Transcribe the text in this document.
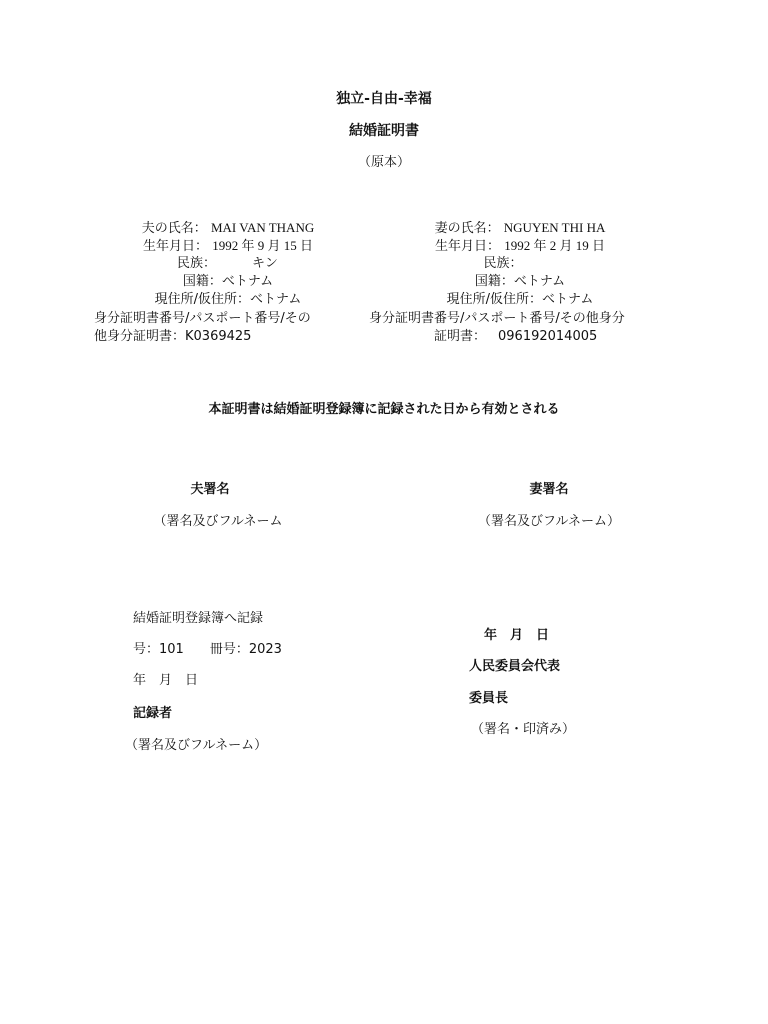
独立-自由-幸福
結婚証明書
（原本）
夫の氏名： MAI VAN THANG
生年月日： 1992 年 9 月 15 日
民族：	キン
国籍：ベトナム
現住所/仮住所：ベトナム
身分証明書番号/パスポート番号/その
他身分証明書：K0369425
妻の氏名： NGUYEN THI HA
生年月日： 1992 年 2 月 19 日
民族：
国籍：ベトナム
現住所/仮住所：ベトナム
身分証明書番号/パスポート番号/その他身分
証明書： 096192014005
本証明書は結婚証明登録簿に記録された日から有効とされる
夫署名
（署名及びフルネーム
妻署名
（署名及びフルネーム）
結婚証明登録簿へ記録
号：101　　冊号：2023
年　月　日
記録者
（署名及びフルネーム）
年　月　日
人民委員会代表
委員長
（署名・印済み）
